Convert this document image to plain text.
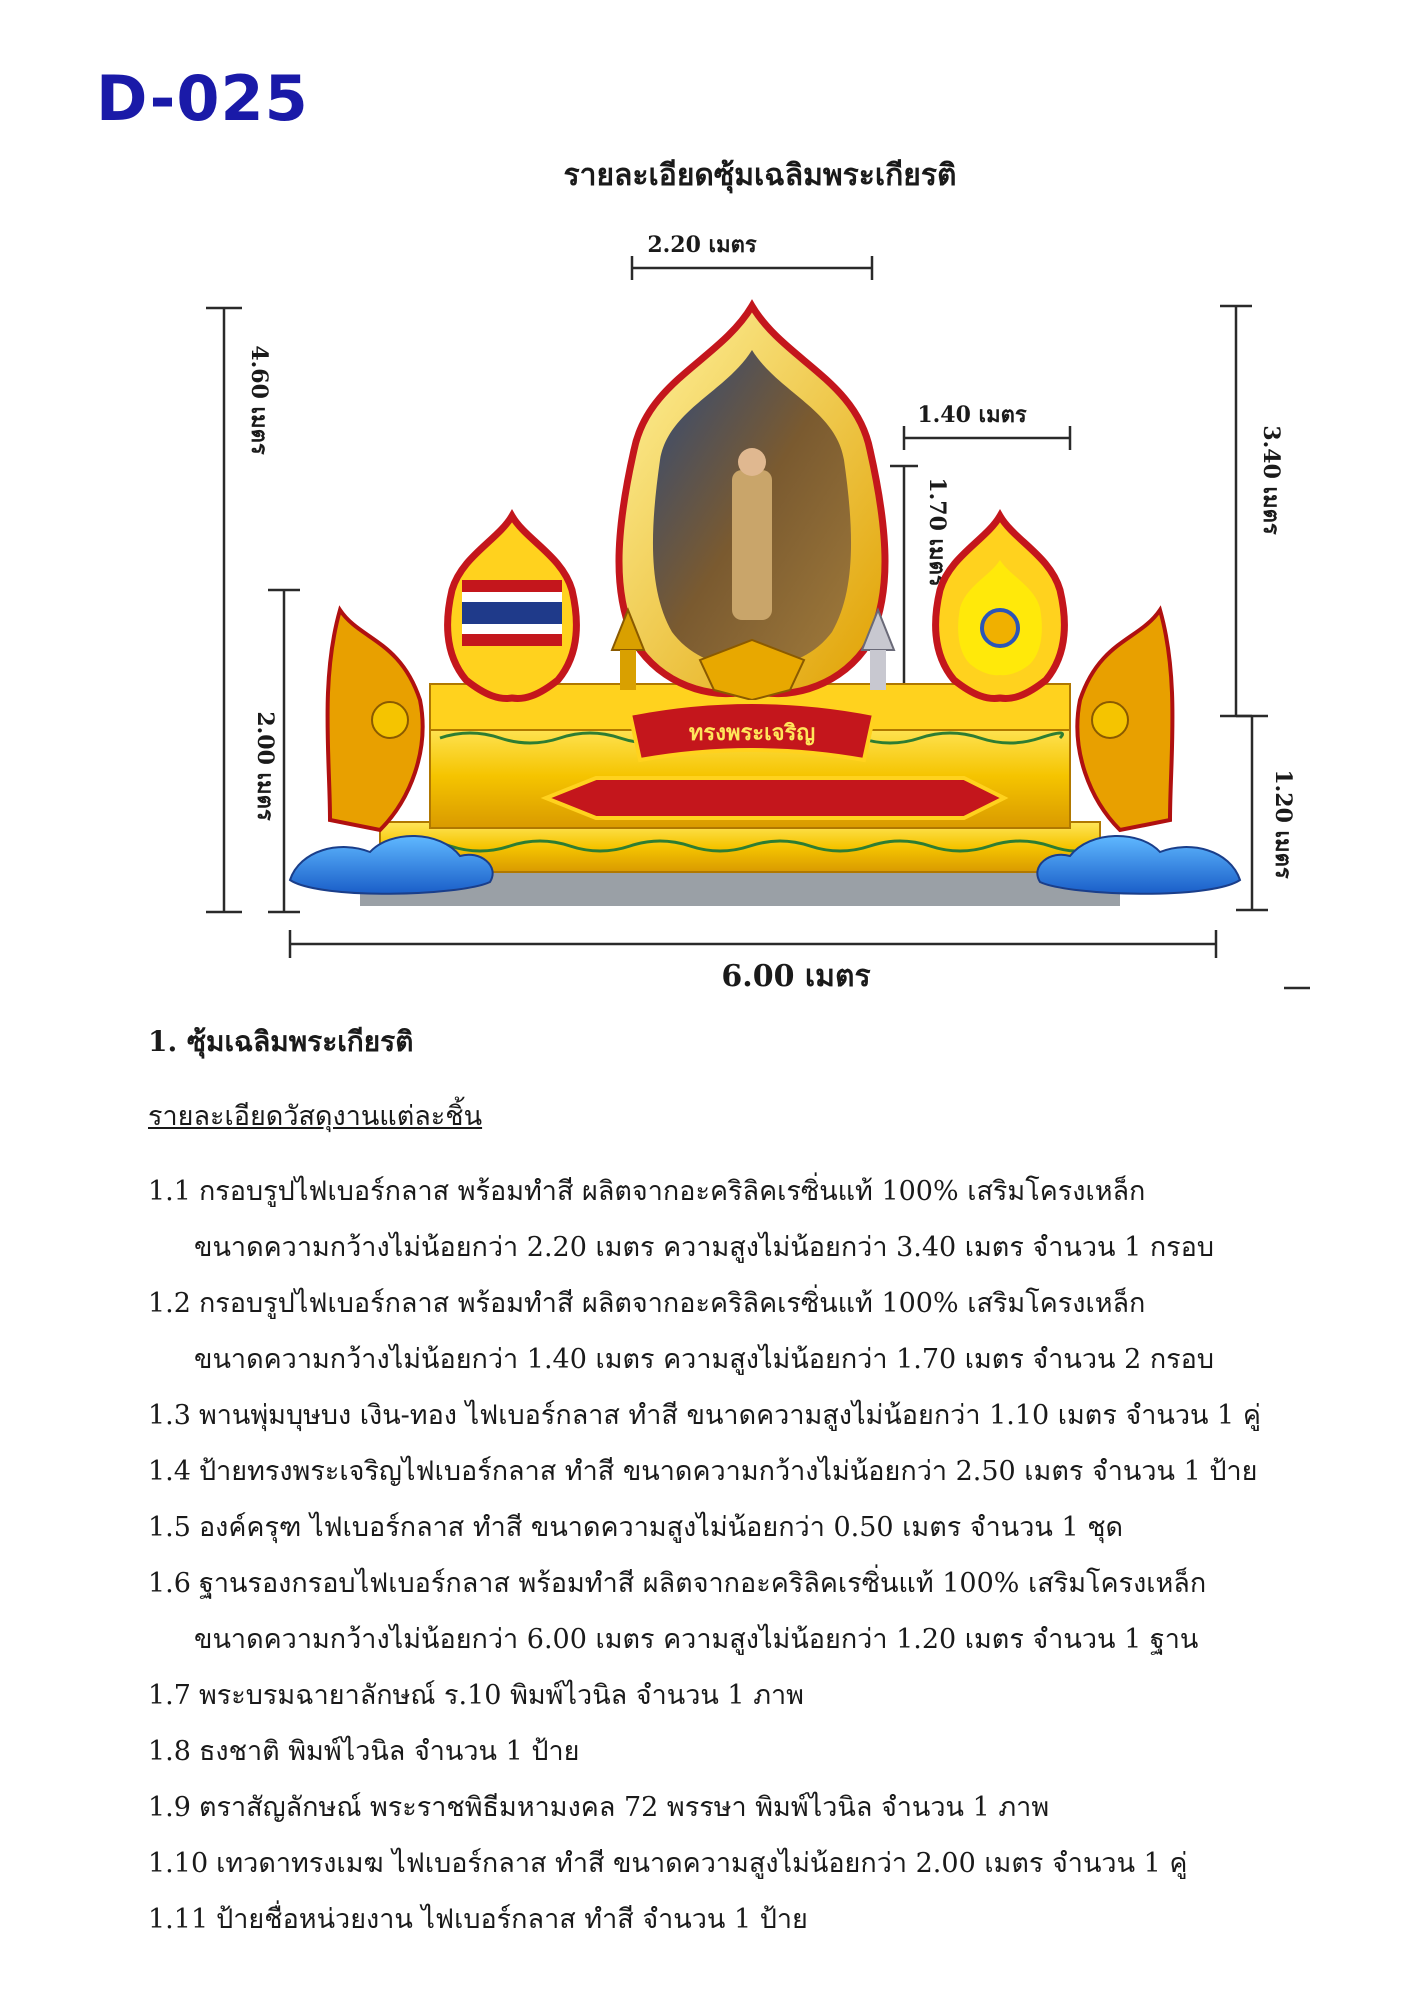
D-025
รายละเอียดซุ้มเฉลิมพระเกียรติ
2.20 เมตร
1.40 เมตร
4.60 เมตร
2.00 เมตร
3.40 เมตร
1.70 เมตร
1.20 เมตร
6.00 เมตร
ทรงพระเจริญ
1. ซุ้มเฉลิมพระเกียรติ
รายละเอียดวัสดุงานแต่ละชิ้น
1.1 กรอบรูปไฟเบอร์กลาส พร้อมทำสี ผลิตจากอะคริลิคเรซิ่นแท้ 100% เสริมโครงเหล็ก
ขนาดความกว้างไม่น้อยกว่า 2.20 เมตร ความสูงไม่น้อยกว่า 3.40 เมตร จำนวน 1 กรอบ
1.2 กรอบรูปไฟเบอร์กลาส พร้อมทำสี ผลิตจากอะคริลิคเรซิ่นแท้ 100% เสริมโครงเหล็ก
ขนาดความกว้างไม่น้อยกว่า 1.40 เมตร ความสูงไม่น้อยกว่า 1.70 เมตร จำนวน 2 กรอบ
1.3 พานพุ่มบุษบง เงิน-ทอง ไฟเบอร์กลาส ทำสี ขนาดความสูงไม่น้อยกว่า 1.10 เมตร จำนวน 1 คู่
1.4 ป้ายทรงพระเจริญไฟเบอร์กลาส ทำสี ขนาดความกว้างไม่น้อยกว่า 2.50 เมตร จำนวน 1 ป้าย
1.5 องค์ครุฑ ไฟเบอร์กลาส ทำสี ขนาดความสูงไม่น้อยกว่า 0.50 เมตร จำนวน 1 ชุด
1.6 ฐานรองกรอบไฟเบอร์กลาส พร้อมทำสี ผลิตจากอะคริลิคเรซิ่นแท้ 100% เสริมโครงเหล็ก
ขนาดความกว้างไม่น้อยกว่า 6.00 เมตร ความสูงไม่น้อยกว่า 1.20 เมตร จำนวน 1 ฐาน
1.7 พระบรมฉายาลักษณ์ ร.10 พิมพ์ไวนิล จำนวน 1 ภาพ
1.8 ธงชาติ พิมพ์ไวนิล จำนวน 1 ป้าย
1.9 ตราสัญลักษณ์ พระราชพิธีมหามงคล 72 พรรษา พิมพ์ไวนิล จำนวน 1 ภาพ
1.10 เทวดาทรงเมฆ ไฟเบอร์กลาส ทำสี ขนาดความสูงไม่น้อยกว่า 2.00 เมตร จำนวน 1 คู่
1.11 ป้ายชื่อหน่วยงาน ไฟเบอร์กลาส ทำสี จำนวน 1 ป้าย
